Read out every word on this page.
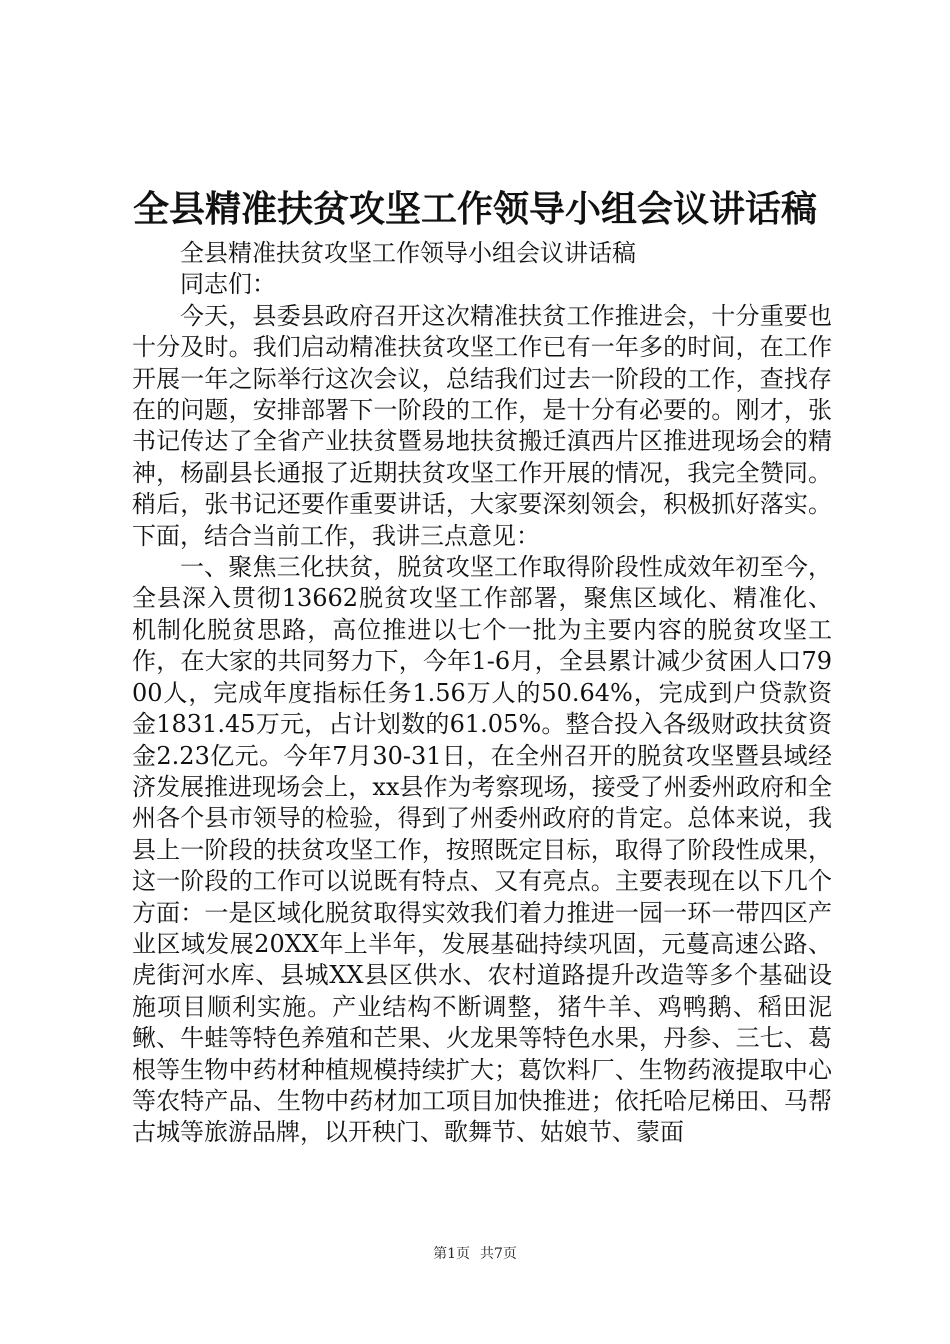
全县精准扶贫攻坚工作领导小组会议讲话稿

全县精准扶贫攻坚工作领导小组会议讲话稿

同志们：

今天，县委县政府召开这次精准扶贫工作推进会，十分重要也十分及时。我们启动精准扶贫攻坚工作已有一年多的时间，在工作开展一年之际举行这次会议，总结我们过去一阶段的工作，查找存在的问题，安排部署下一阶段的工作，是十分有必要的。刚才，张书记传达了全省产业扶贫暨易地扶贫搬迁滇西片区推进现场会的精神，杨副县长通报了近期扶贫攻坚工作开展的情况，我完全赞同。稍后，张书记还要作重要讲话，大家要深刻领会，积极抓好落实。下面，结合当前工作，我讲三点意见：

一、聚焦三化扶贫，脱贫攻坚工作取得阶段性成效年初至今，全县深入贯彻13662脱贫攻坚工作部署，聚焦区域化、精准化、机制化脱贫思路，高位推进以七个一批为主要内容的脱贫攻坚工作，在大家的共同努力下，今年1-6月，全县累计减少贫困人口7900人，完成年度指标任务1.56万人的50.64%，完成到户贷款资金1831.45万元，占计划数的61.05%。整合投入各级财政扶贫资金2.23亿元。今年7月30-31日，在全州召开的脱贫攻坚暨县域经济发展推进现场会上，xx县作为考察现场，接受了州委州政府和全州各个县市领导的检验，得到了州委州政府的肯定。总体来说，我县上一阶段的扶贫攻坚工作，按照既定目标，取得了阶段性成果，这一阶段的工作可以说既有特点、又有亮点。主要表现在以下几个方面：一是区域化脱贫取得实效我们着力推进一园一环一带四区产业区域发展20XX年上半年，发展基础持续巩固，元蔓高速公路、虎街河水库、县城XX县区供水、农村道路提升改造等多个基础设施项目顺利实施。产业结构不断调整，猪牛羊、鸡鸭鹅、稻田泥鳅、牛蛙等特色养殖和芒果、火龙果等特色水果，丹参、三七、葛根等生物中药材种植规模持续扩大；葛饮料厂、生物药液提取中心等农特产品、生物中药材加工项目加快推进；依托哈尼梯田、马帮古城等旅游品牌，以开秧门、歌舞节、姑娘节、蒙面

第1页 共7页
